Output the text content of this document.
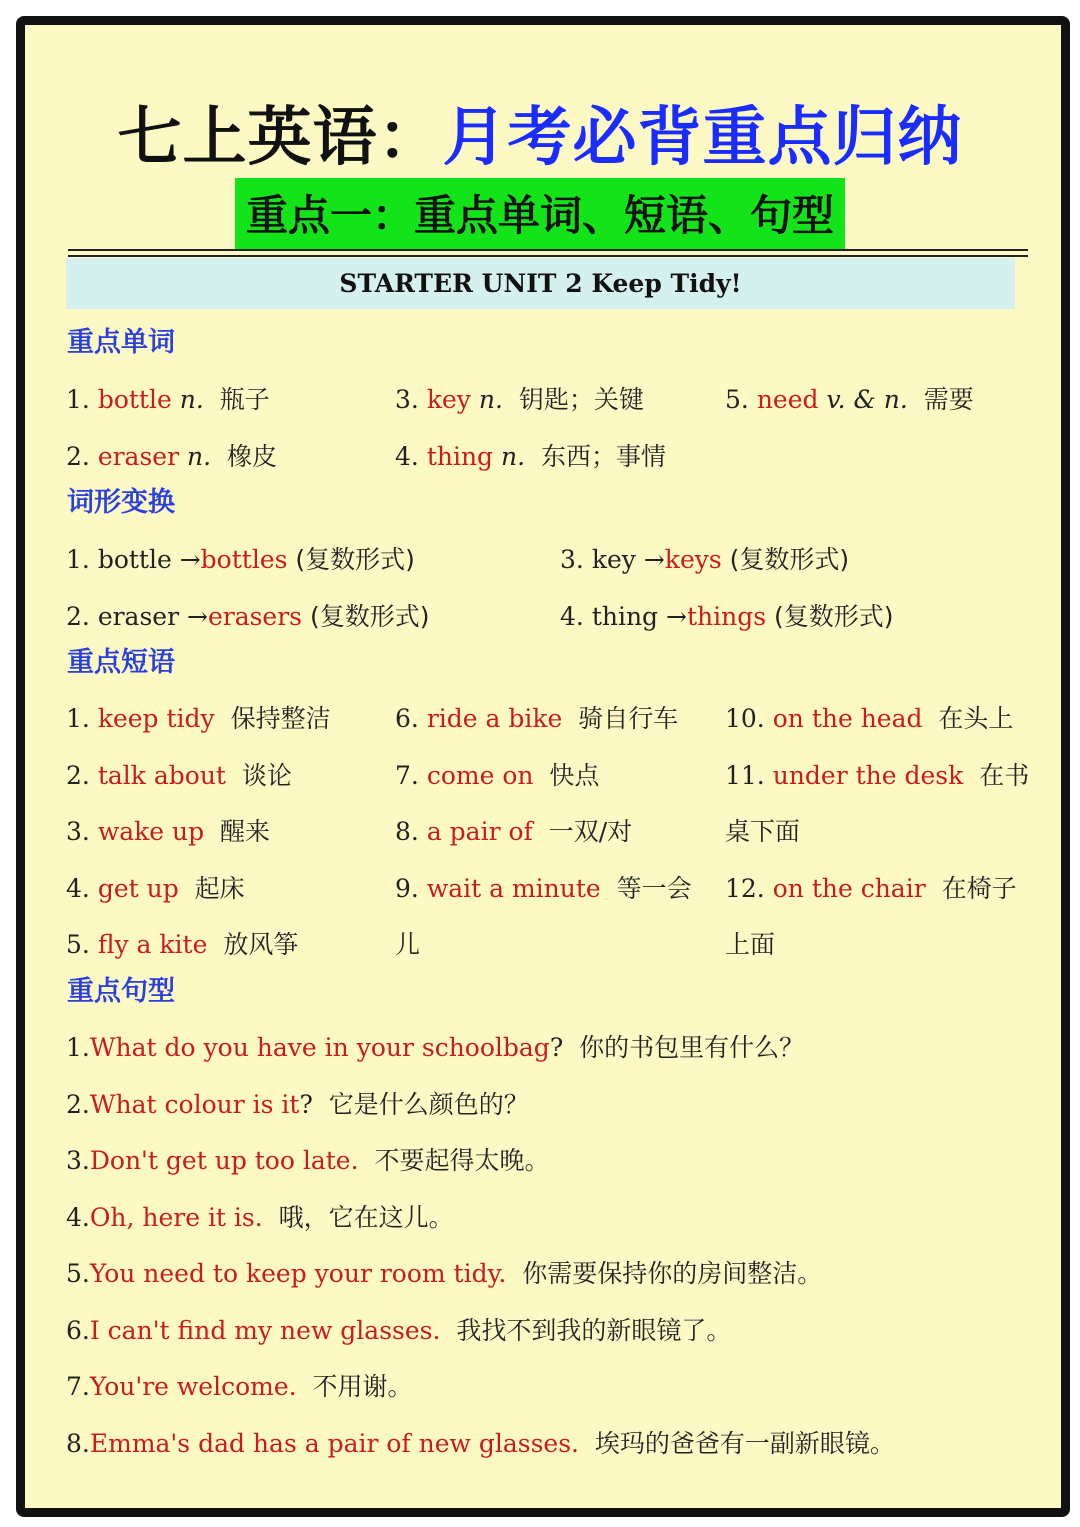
七上英语：月考必背重点归纳
重点一：重点单词、短语、句型
STARTER UNIT 2 Keep Tidy!
重点单词
1. bottle n. 瓶子
2. eraser n. 橡皮
3. key n. 钥匙；关键
4. thing n. 东西；事情
5. need v. & n. 需要
词形变换
1. bottle →bottles (复数形式)
2. eraser →erasers (复数形式)
3. key →keys (复数形式)
4. thing →things (复数形式)
重点短语
1. keep tidy 保持整洁
2. talk about 谈论
3. wake up 醒来
4. get up 起床
5. fly a kite 放风筝
6. ride a bike 骑自行车
7. come on 快点
8. a pair of 一双/对
9. wait a minute 等一会
儿
10. on the head 在头上
11. under the desk 在书
桌下面
12. on the chair 在椅子
上面
重点句型
1.What do you have in your schoolbag? 你的书包里有什么？
2.What colour is it? 它是什么颜色的？
3.Don't get up too late. 不要起得太晚。
4.Oh, here it is. 哦，它在这儿。
5.You need to keep your room tidy. 你需要保持你的房间整洁。
6.I can't find my new glasses. 我找不到我的新眼镜了。
7.You're welcome. 不用谢。
8.Emma's dad has a pair of new glasses. 埃玛的爸爸有一副新眼镜。
